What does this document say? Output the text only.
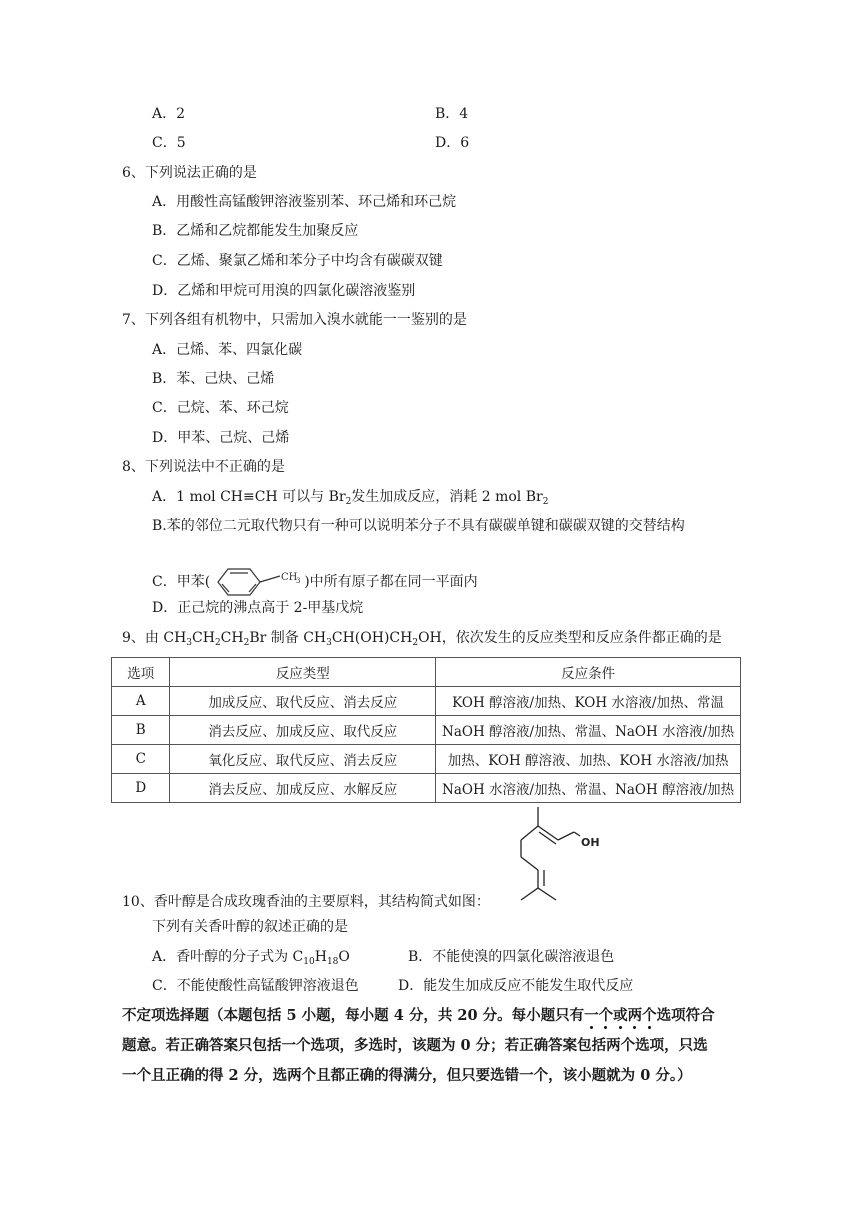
A．2	B．4
C．5	D．6
6、下列说法正确的是
A．用酸性高锰酸钾溶液鉴别苯、环己烯和环己烷
B．乙烯和乙烷都能发生加聚反应
C．乙烯、聚氯乙烯和苯分子中均含有碳碳双键
D．乙烯和甲烷可用溴的四氯化碳溶液鉴别
7、下列各组有机物中，只需加入溴水就能一一鉴别的是
A．己烯、苯、四氯化碳
B．苯、己炔、己烯
C．己烷、苯、环己烷
D．甲苯、己烷、己烯
8、下列说法中不正确的是
A．1 mol CH≡CH 可以与 $Br_2$发生加成反应，消耗 2 mol $Br_2$
B.苯的邻位二元取代物只有一种可以说明苯分子不具有碳碳单键和碳碳双键的交替结构
C．甲苯(	CH
3 )中所有原子都在同一平面内
D．正己烷的沸点高于 2-甲基戊烷
9、由 $CH_3CH_2CH_2Br$ 制备 $CH_3CH(OH)CH_2OH$，依次发生的反应类型和反应条件都正确的是
选项	反应类型	反应条件
A	加成反应、取代反应、消去反应	KOH 醇溶液/加热、KOH 水溶液/加热、常温
B	消去反应、加成反应、取代反应	NaOH 醇溶液/加热、常温、NaOH 水溶液/加热
C	氧化反应、取代反应、消去反应	加热、KOH 醇溶液、加热、KOH 水溶液/加热
D	消去反应、加成反应、水解反应	NaOH 水溶液/加热、常温、NaOH 醇溶液/加热
OH
10、香叶醇是合成玫瑰香油的主要原料，其结构简式如图：
下列有关香叶醇的叙述正确的是
A．香叶醇的分子式为 $C_{10}H_{18}O$	B．不能使溴的四氯化碳溶液退色
C．不能使酸性高锰酸钾溶液退色	D．能发生加成反应不能发生取代反应
不定项选择题（本题包括 5 小题，每小题 4 分，共 20 分。每小题只有一个或两个选项符合
题意。若正确答案只包括一个选项，多选时，该题为 0 分；若正确答案包括两个选项，只选
一个且正确的得 2 分，选两个且都正确的得满分，但只要选错一个，该小题就为 0 分。）
